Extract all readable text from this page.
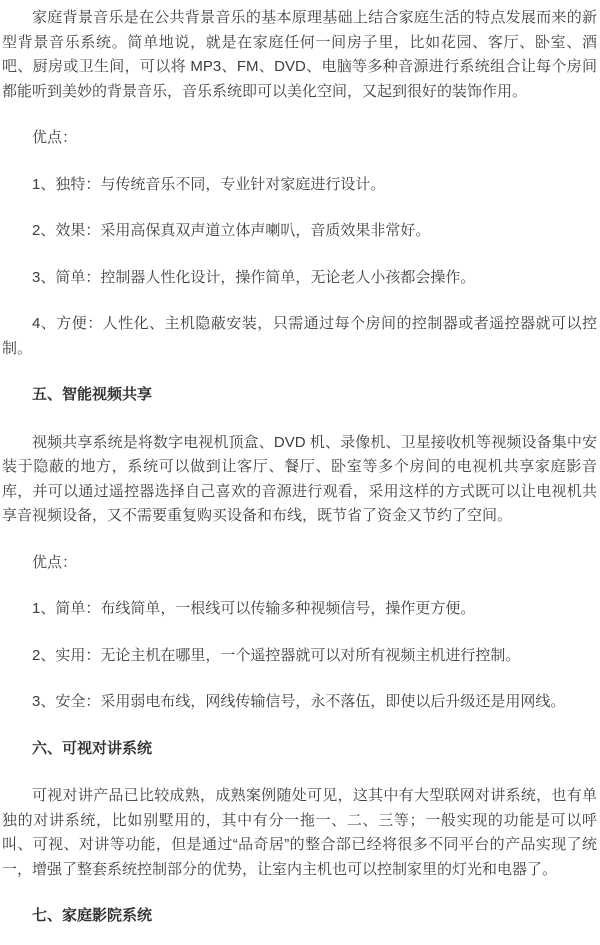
家庭背景音乐是在公共背景音乐的基本原理基础上结合家庭生活的特点发展而来的新型背景音乐系统。简单地说，就是在家庭任何一间房子里，比如花园、客厅、卧室、酒吧、厨房或卫生间，可以将 MP3、FM、DVD、电脑等多种音源进行系统组合让每个房间都能听到美妙的背景音乐，音乐系统即可以美化空间，又起到很好的装饰作用。

优点：

1、独特：与传统音乐不同，专业针对家庭进行设计。

2、效果：采用高保真双声道立体声喇叭，音质效果非常好。

3、简单：控制器人性化设计，操作简单，无论老人小孩都会操作。

4、方便：人性化、主机隐蔽安装，只需通过每个房间的控制器或者遥控器就可以控制。

五、智能视频共享

视频共享系统是将数字电视机顶盒、DVD 机、录像机、卫星接收机等视频设备集中安装于隐蔽的地方，系统可以做到让客厅、餐厅、卧室等多个房间的电视机共享家庭影音库，并可以通过遥控器选择自己喜欢的音源进行观看，采用这样的方式既可以让电视机共享音视频设备，又不需要重复购买设备和布线，既节省了资金又节约了空间。

优点：

1、简单：布线简单，一根线可以传输多种视频信号，操作更方便。

2、实用：无论主机在哪里，一个遥控器就可以对所有视频主机进行控制。

3、安全：采用弱电布线，网线传输信号，永不落伍，即使以后升级还是用网线。

六、可视对讲系统

可视对讲产品已比较成熟，成熟案例随处可见，这其中有大型联网对讲系统，也有单独的对讲系统，比如别墅用的，其中有分一拖一、二、三等；一般实现的功能是可以呼叫、可视、对讲等功能，但是通过“品奇居”的整合部已经将很多不同平台的产品实现了统一，增强了整套系统控制部分的优势，让室内主机也可以控制家里的灯光和电器了。

七、家庭影院系统
